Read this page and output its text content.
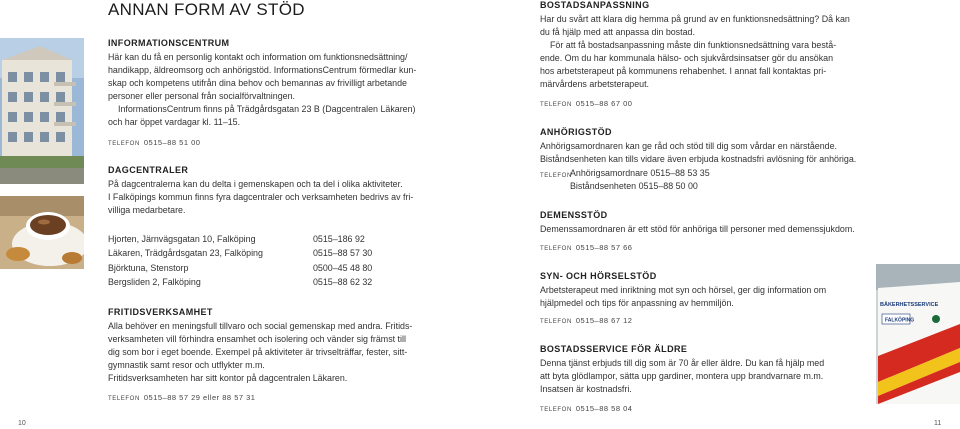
ANNAN FORM AV STÖD
INFORMATIONSCENTRUM
Här kan du få en personlig kontakt och information om funktionsnedsättning/
handikapp, äldreomsorg och anhörigstöd. InformationsCentrum förmedlar kun-
skap och kompetens utifrån dina behov och bemannas av frivilligt arbetande
personer eller personal från socialförvaltningen.
InformationsCentrum finns på Trädgårdsgatan 23 B (Dagcentralen Läkaren)
och har öppet vardagar kl. 11–15.
TELEFON 0515–88 51 00
DAGCENTRALER
På dagcentralerna kan du delta i gemenskapen och ta del i olika aktiviteter.
I Falköpings kommun finns fyra dagcentraler och verksamheten bedrivs av fri-
villiga medarbetare.
Hjorten, Järnvägsgatan 10, Falköping	0515–186 92
Läkaren, Trädgårdsgatan 23, Falköping	0515–88 57 30
Björktuna, Stenstorp	0500–45 48 80
Bergsliden 2, Falköping	0515–88 62 32
FRITIDSVERKSAMHET
Alla behöver en meningsfull tillvaro och social gemenskap med andra. Fritids-
verksamheten vill förhindra ensamhet och isolering och vänder sig främst till
dig som bor i eget boende. Exempel på aktiviteter är trivselträffar, fester, sitt-
gymnastik samt resor och utflykter m.m.
Fritidsverksamheten har sitt kontor på dagcentralen Läkaren.
TELEFON 0515–88 57 29 eller 88 57 31
10
BOSTADSANPASSNING
Har du svårt att klara dig hemma på grund av en funktionsnedsättning? Då kan
du få hjälp med att anpassa din bostad.
För att få bostadsanpassning måste din funktionsnedsättning vara bestå-
ende. Om du har kommunala hälso- och sjukvårdsinsatser gör du ansökan
hos arbetsterapeut på kommunens rehabenhet. I annat fall kontaktas pri-
märvårdens arbetsterapeut.
TELEFON 0515–88 67 00
ANHÖRIGSTÖD
Anhörigsamordnaren kan ge råd och stöd till dig som vårdar en närstående.
Biståndsenheten kan tills vidare även erbjuda kostnadsfri avlösning för anhöriga.
TELEFON
Anhörigsamordnare 0515–88 53 35
Biståndsenheten 0515–88 50 00
DEMENSSTÖD
Demenssamordnaren är ett stöd för anhöriga till personer med demenssjukdom.
TELEFON 0515–88 57 66
SYN- OCH HÖRSELSTÖD
Arbetsterapeut med inriktning mot syn och hörsel, ger dig information om
hjälpmedel och tips för anpassning av hemmiljön.
TELEFON 0515–88 67 12
BOSTADSSERVICE FÖR ÄLDRE
Denna tjänst erbjuds till dig som är 70 år eller äldre. Du kan få hjälp med
att byta glödlampor, sätta upp gardiner, montera upp brandvarnare m.m.
Insatsen är kostnadsfri.
TELEFON 0515–88 58 04
BÄKERHETSSERVICE
FALKÖPING
11
